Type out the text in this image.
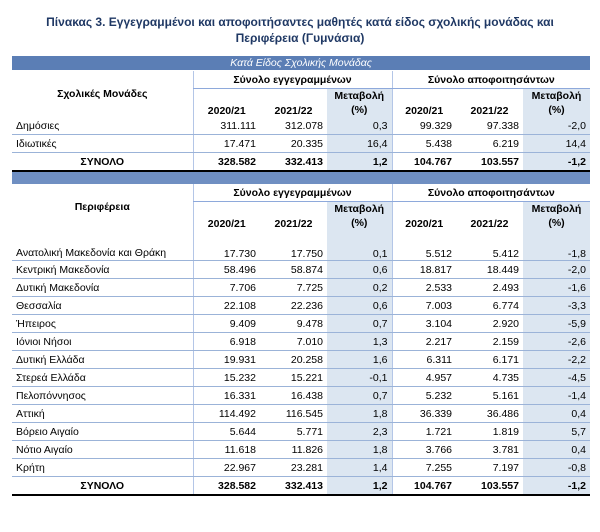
Πίνακας 3. Εγγεγραμμένοι και αποφοιτήσαντες μαθητές κατά είδος σχολικής μονάδας και
Περιφέρεια (Γυμνάσια)
Κατά Είδος Σχολικής Μονάδας						
Σχολικές Μονάδες	Σύνολο εγγεγραμμένων			Σύνολο αποφοιτησάντων		
	2020/21	2021/22	Μεταβολή (%)	2020/21	2021/22	Μεταβολή (%)
Δημόσιες	311.111	312.078	0,3	99.329	97.338	-2,0
Ιδιωτικές	17.471	20.335	16,4	5.438	6.219	14,4
ΣΥΝΟΛΟ	328.582	332.413	1,2	104.767	103.557	-1,2

Περιφέρεια	Σύνολο εγγεγραμμένων			Σύνολο αποφοιτησάντων		
	2020/21	2021/22	Μεταβολή (%)	2020/21	2021/22	Μεταβολή (%)
Ανατολική Μακεδονία και Θράκη	17.730	17.750	0,1	5.512	5.412	-1,8
Κεντρική Μακεδονία	58.496	58.874	0,6	18.817	18.449	-2,0
Δυτική Μακεδονία	7.706	7.725	0,2	2.533	2.493	-1,6
Θεσσαλία	22.108	22.236	0,6	7.003	6.774	-3,3
Ήπειρος	9.409	9.478	0,7	3.104	2.920	-5,9
Ιόνιοι Νήσοι	6.918	7.010	1,3	2.217	2.159	-2,6
Δυτική Ελλάδα	19.931	20.258	1,6	6.311	6.171	-2,2
Στερεά Ελλάδα	15.232	15.221	-0,1	4.957	4.735	-4,5
Πελοπόννησος	16.331	16.438	0,7	5.232	5.161	-1,4
Αττική	114.492	116.545	1,8	36.339	36.486	0,4
Βόρειο Αιγαίο	5.644	5.771	2,3	1.721	1.819	5,7
Νότιο Αιγαίο	11.618	11.826	1,8	3.766	3.781	0,4
Κρήτη	22.967	23.281	1,4	7.255	7.197	-0,8
ΣΥΝΟΛΟ	328.582	332.413	1,2	104.767	103.557	-1,2
